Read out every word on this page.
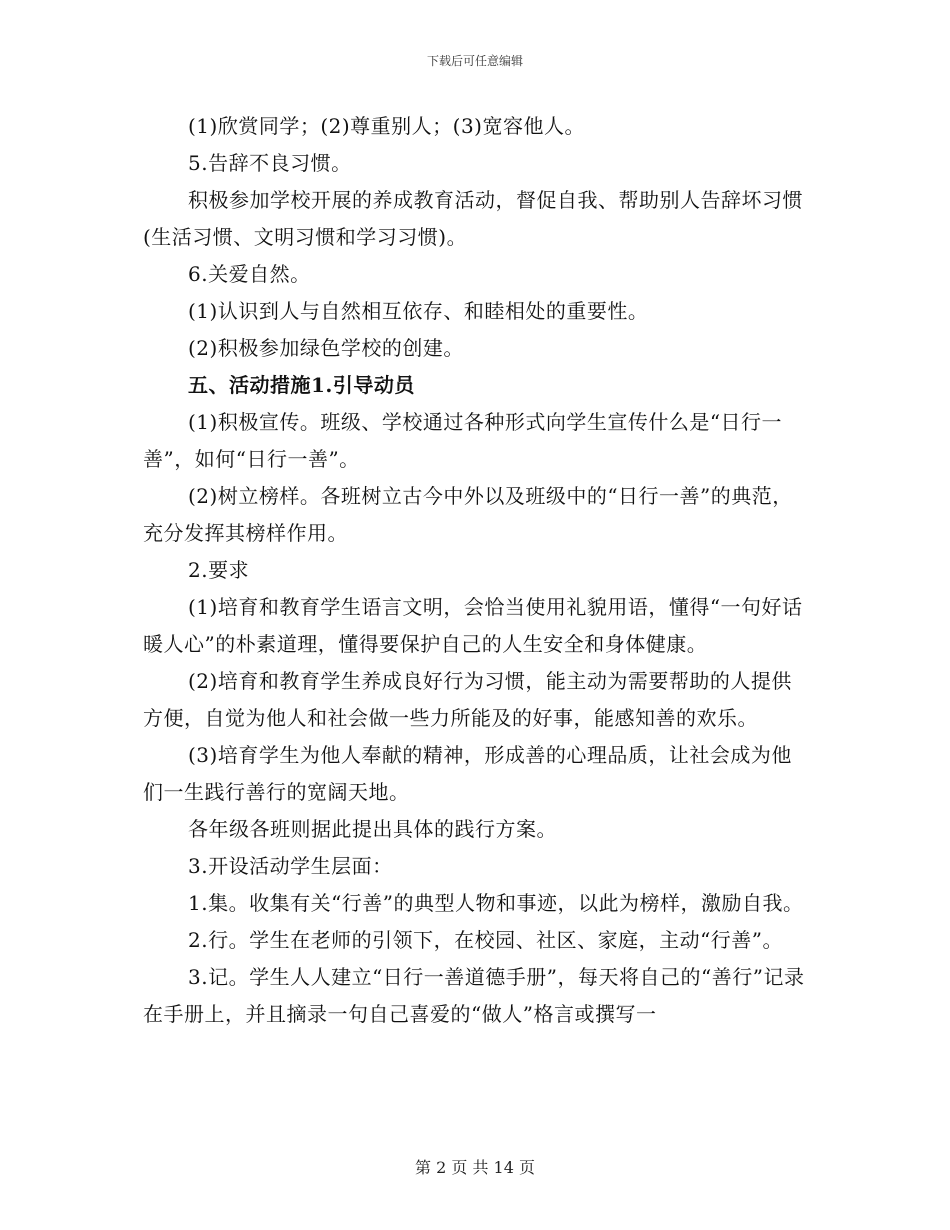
下载后可任意编辑

(1)欣赏同学；(2)尊重别人；(3)宽容他人。

5.告辞不良习惯。

积极参加学校开展的养成教育活动，督促自我、帮助别人告辞坏习惯(生活习惯、文明习惯和学习习惯)。

6.关爱自然。

(1)认识到人与自然相互依存、和睦相处的重要性。

(2)积极参加绿色学校的创建。

五、活动措施1.引导动员

(1)积极宣传。班级、学校通过各种形式向学生宣传什么是“日行一善”，如何“日行一善”。

(2)树立榜样。各班树立古今中外以及班级中的“日行一善”的典范，充分发挥其榜样作用。

2.要求

(1)培育和教育学生语言文明，会恰当使用礼貌用语，懂得“一句好话暖人心”的朴素道理，懂得要保护自己的人生安全和身体健康。

(2)培育和教育学生养成良好行为习惯，能主动为需要帮助的人提供方便，自觉为他人和社会做一些力所能及的好事，能感知善的欢乐。

(3)培育学生为他人奉献的精神，形成善的心理品质，让社会成为他们一生践行善行的宽阔天地。

各年级各班则据此提出具体的践行方案。

3.开设活动学生层面：

1.集。收集有关“行善”的典型人物和事迹，以此为榜样，激励自我。

2.行。学生在老师的引领下，在校园、社区、家庭，主动“行善”。

3.记。学生人人建立“日行一善道德手册”，每天将自己的“善行”记录在手册上，并且摘录一句自己喜爱的“做人”格言或撰写一

第 2 页 共 14 页
